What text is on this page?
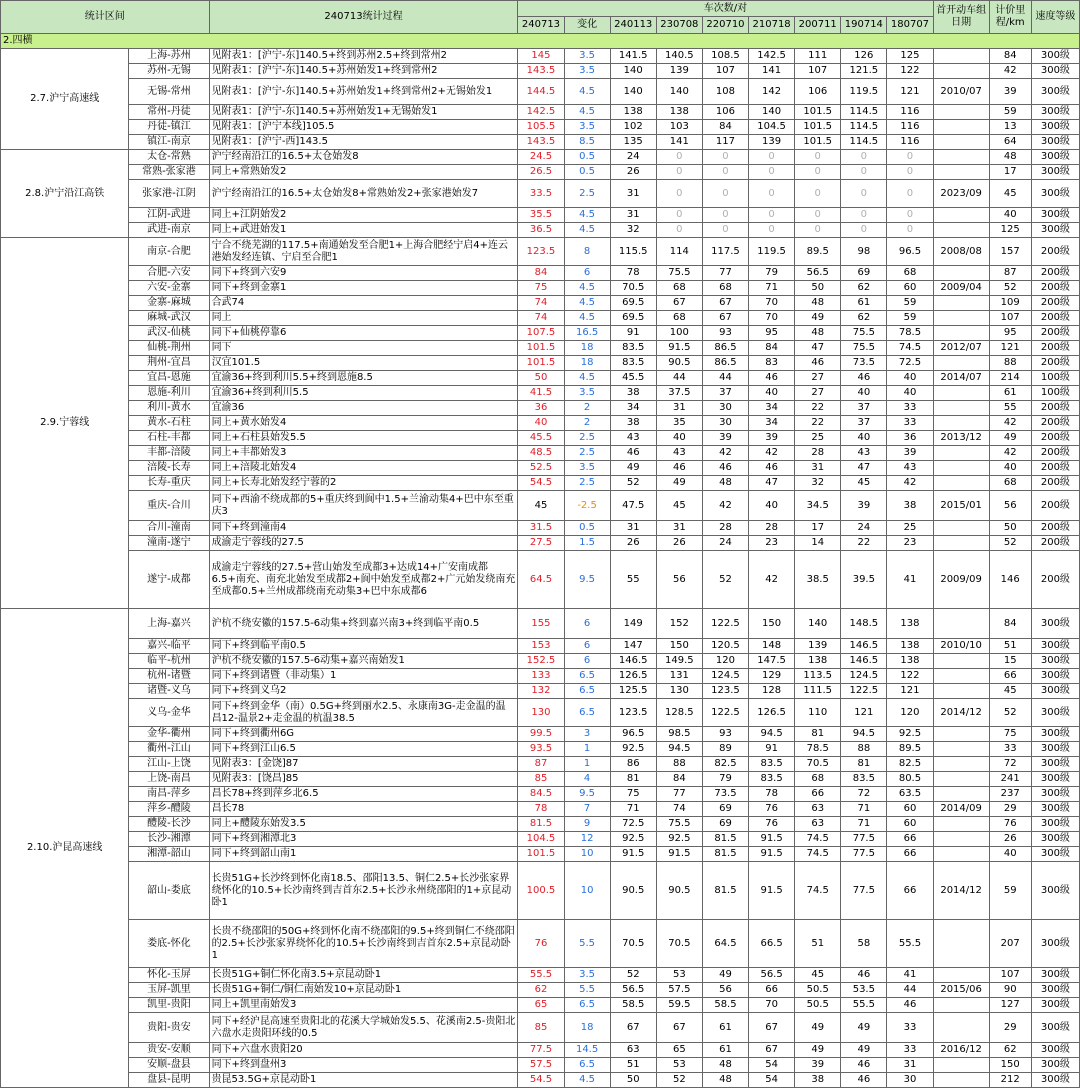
统计区间		240713统计过程	车次数/对									首开动车组日期	计价里程/km	速度等级
			240713	变化	240113	230708	220710	210718	200711	190714	180707			
2.四横														
2.7.沪宁高速线	上海-苏州	见附表1：[沪宁-东]140.5+终到苏州2.5+终到常州2	145	3.5	141.5	140.5	108.5	142.5	111	126	125		84	300级
	苏州-无锡	见附表1：[沪宁-东]140.5+苏州始发1+终到常州2	143.5	3.5	140	139	107	141	107	121.5	122		42	300级
	无锡-常州	见附表1：[沪宁-东]140.5+苏州始发1+终到常州2+无锡始发1	144.5	4.5	140	140	108	142	106	119.5	121	2010/07	39	300级
	常州-丹徒	见附表1：[沪宁-东]140.5+苏州始发1+无锡始发1	142.5	4.5	138	138	106	140	101.5	114.5	116		59	300级
	丹徒-镇江	见附表1：[沪宁本线]105.5	105.5	3.5	102	103	84	104.5	101.5	114.5	116		13	300级
	镇江-南京	见附表1：[沪宁-西]143.5	143.5	8.5	135	141	117	139	101.5	114.5	116		64	300级
2.8.沪宁沿江高铁	太仓-常熟	沪宁经南沿江的16.5+太仓始发8	24.5	0.5	24	0	0	0	0	0	0		48	300级
	常熟-张家港	同上+常熟始发2	26.5	0.5	26	0	0	0	0	0	0		17	300级
	张家港-江阴	沪宁经南沿江的16.5+太仓始发8+常熟始发2+张家港始发7	33.5	2.5	31	0	0	0	0	0	0	2023/09	45	300级
	江阴-武进	同上+江阴始发2	35.5	4.5	31	0	0	0	0	0	0		40	300级
	武进-南京	同上+武进始发1	36.5	4.5	32	0	0	0	0	0	0		125	300级
2.9.宁蓉线	南京-合肥	宁合不绕芜湖的117.5+南通始发至合肥1+上海合肥经宁启4+连云港始发经连镇、宁启至合肥1	123.5	8	115.5	114	117.5	119.5	89.5	98	96.5	2008/08	157	200级
	合肥-六安	同下+终到六安9	84	6	78	75.5	77	79	56.5	69	68		87	200级
	六安-金寨	同下+终到金寨1	75	4.5	70.5	68	68	71	50	62	60	2009/04	52	200级
	金寨-麻城	合武74	74	4.5	69.5	67	67	70	48	61	59		109	200级
	麻城-武汉	同上	74	4.5	69.5	68	67	70	49	62	59		107	200级
	武汉-仙桃	同下+仙桃停靠6	107.5	16.5	91	100	93	95	48	75.5	78.5		95	200级
	仙桃-荆州	同下	101.5	18	83.5	91.5	86.5	84	47	75.5	74.5	2012/07	121	200级
	荆州-宜昌	汉宜101.5	101.5	18	83.5	90.5	86.5	83	46	73.5	72.5		88	200级
	宜昌-恩施	宜渝36+终到利川5.5+终到恩施8.5	50	4.5	45.5	44	44	46	27	46	40	2014/07	214	100级
	恩施-利川	宜渝36+终到利川5.5	41.5	3.5	38	37.5	37	40	27	40	40		61	100级
	利川-黄水	宜渝36	36	2	34	31	30	34	22	37	33		55	200级
	黄水-石柱	同上+黄水始发4	40	2	38	35	30	34	22	37	33		42	200级
	石柱-丰都	同上+石柱县始发5.5	45.5	2.5	43	40	39	39	25	40	36	2013/12	49	200级
	丰都-涪陵	同上+丰都始发3	48.5	2.5	46	43	42	42	28	43	39		42	200级
	涪陵-长寿	同上+涪陵北始发4	52.5	3.5	49	46	46	46	31	47	43		40	200级
	长寿-重庆	同上+长寿北始发经宁蓉的2	54.5	2.5	52	49	48	47	32	45	42		68	200级
	重庆-合川	同下+西渝不绕成都的5+重庆终到阆中1.5+兰渝动集4+巴中东至重庆3	45	-2.5	47.5	45	42	40	34.5	39	38	2015/01	56	200级
	合川-潼南	同下+终到潼南4	31.5	0.5	31	31	28	28	17	24	25		50	200级
	潼南-遂宁	成渝走宁蓉线的27.5	27.5	1.5	26	26	24	23	14	22	23		52	200级
	遂宁-成都	成渝走宁蓉线的27.5+营山始发至成都3+达成14+广安南成都6.5+南充、南充北始发至成都2+阆中始发至成都2+广元始发绕南充至成都0.5+兰州成都绕南充动集3+巴中东成都6	64.5	9.5	55	56	52	42	38.5	39.5	41	2009/09	146	200级
2.10.沪昆高速线	上海-嘉兴	沪杭不绕安徽的157.5-6动集+终到嘉兴南3+终到临平南0.5	155	6	149	152	122.5	150	140	148.5	138		84	300级
	嘉兴-临平	同下+终到临平南0.5	153	6	147	150	120.5	148	139	146.5	138	2010/10	51	300级
	临平-杭州	沪杭不绕安徽的157.5-6动集+嘉兴南始发1	152.5	6	146.5	149.5	120	147.5	138	146.5	138		15	300级
	杭州-诸暨	同下+终到诸暨（非动集）1	133	6.5	126.5	131	124.5	129	113.5	124.5	122		66	300级
	诸暨-义乌	同下+终到义乌2	132	6.5	125.5	130	123.5	128	111.5	122.5	121		45	300级
	义乌-金华	同下+终到金华（南）0.5G+终到丽水2.5、永康南3G-走金温的温昌12-温景2+走金温的杭温38.5	130	6.5	123.5	128.5	122.5	126.5	110	121	120	2014/12	52	300级
	金华-衢州	同下+终到衢州6G	99.5	3	96.5	98.5	93	94.5	81	94.5	92.5		75	300级
	衢州-江山	同下+终到江山6.5	93.5	1	92.5	94.5	89	91	78.5	88	89.5		33	300级
	江山-上饶	见附表3：[金饶]87	87	1	86	88	82.5	83.5	70.5	81	82.5		72	300级
	上饶-南昌	见附表3：[饶昌]85	85	4	81	84	79	83.5	68	83.5	80.5		241	300级
	南昌-萍乡	昌长78+终到萍乡北6.5	84.5	9.5	75	77	73.5	78	66	72	63.5		237	300级
	萍乡-醴陵	昌长78	78	7	71	74	69	76	63	71	60	2014/09	29	300级
	醴陵-长沙	同上+醴陵东始发3.5	81.5	9	72.5	75.5	69	76	63	71	60		76	300级
	长沙-湘潭	同下+终到湘潭北3	104.5	12	92.5	92.5	81.5	91.5	74.5	77.5	66		26	300级
	湘潭-韶山	同下+终到韶山南1	101.5	10	91.5	91.5	81.5	91.5	74.5	77.5	66		40	300级
	韶山-娄底	长贵51G+长沙终到怀化南18.5、邵阳13.5、铜仁2.5+长沙张家界绕怀化的10.5+长沙南终到吉首东2.5+长沙永州绕邵阳的1+京昆动卧1	100.5	10	90.5	90.5	81.5	91.5	74.5	77.5	66	2014/12	59	300级
	娄底-怀化	长贵不绕邵阳的50G+终到怀化南不绕邵阳的9.5+终到铜仁不绕邵阳的2.5+长沙张家界绕怀化的10.5+长沙南终到吉首东2.5+京昆动卧1	76	5.5	70.5	70.5	64.5	66.5	51	58	55.5		207	300级
	怀化-玉屏	长贵51G+铜仁怀化南3.5+京昆动卧1	55.5	3.5	52	53	49	56.5	45	46	41		107	300级
	玉屏-凯里	长贵51G+铜仁/铜仁南始发10+京昆动卧1	62	5.5	56.5	57.5	56	66	50.5	53.5	44	2015/06	90	300级
	凯里-贵阳	同上+凯里南始发3	65	6.5	58.5	59.5	58.5	70	50.5	55.5	46		127	300级
	贵阳-贵安	同下+经沪昆高速至贵阳北的花溪大学城始发5.5、花溪南2.5-贵阳北六盘水走贵阳环线的0.5	85	18	67	67	61	67	49	49	33		29	300级
	贵安-安顺	同下+六盘水贵阳20	77.5	14.5	63	65	61	67	49	49	33	2016/12	62	300级
	安顺-盘县	同下+终到盘州3	57.5	6.5	51	53	48	54	39	46	31		150	300级
	盘县-昆明	贵昆53.5G+京昆动卧1	54.5	4.5	50	52	48	54	38	46	30		212	300级
